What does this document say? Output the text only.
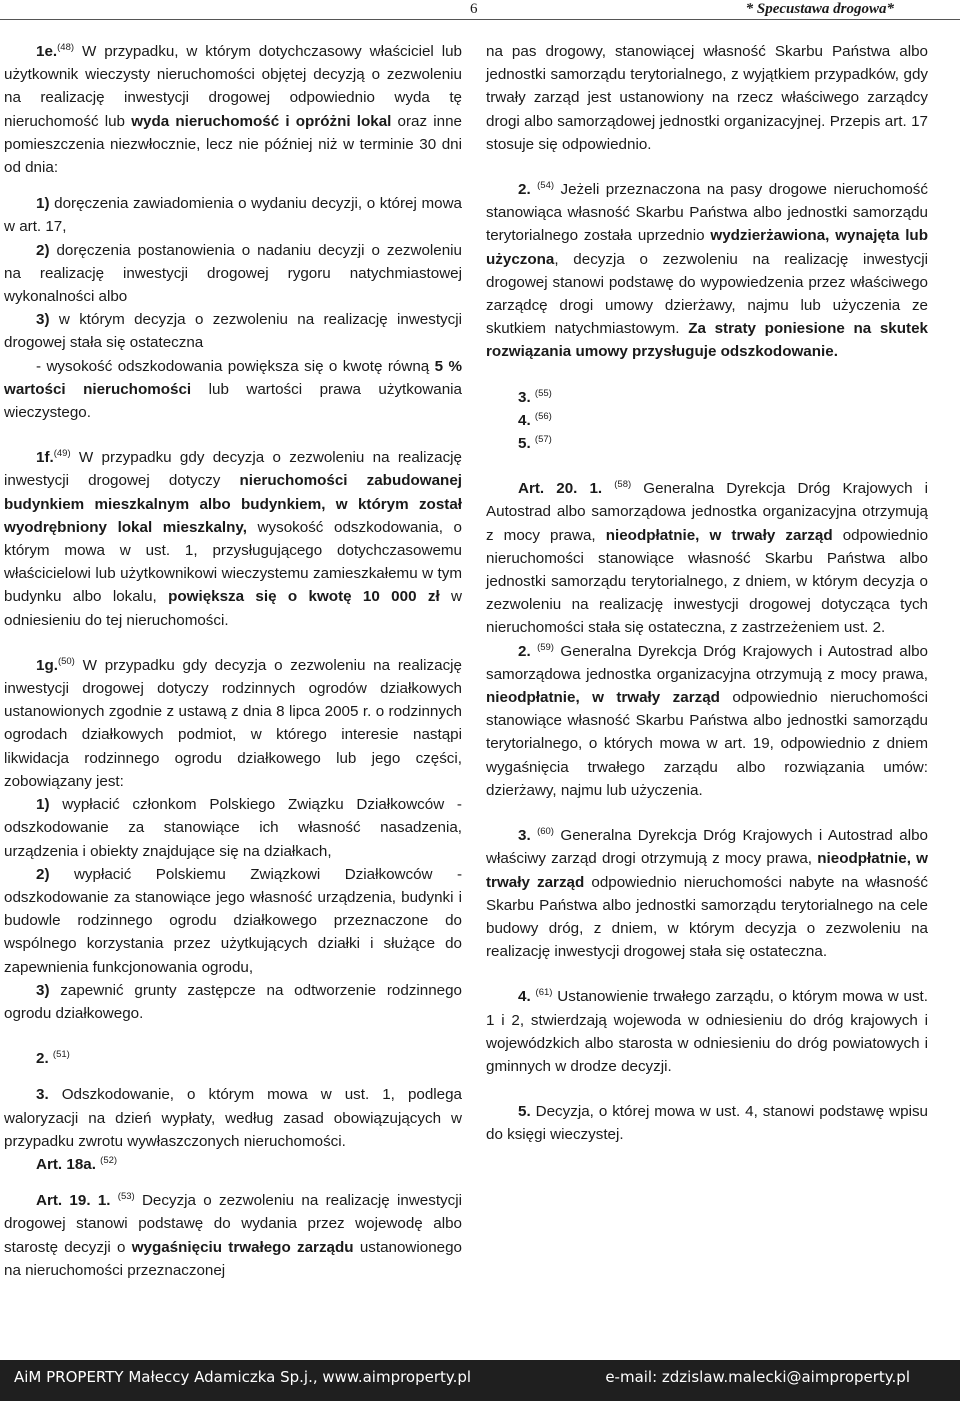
6	* Specustawa drogowa*

1e.$^{(48)}$ W przypadku, w którym dotychczasowy właściciel lub użytkownik wieczysty nieruchomości objętej decyzją o zezwoleniu na realizację inwestycji drogowej odpowiednio wyda tę nieruchomość lub wyda nieruchomość i opróżni lokal oraz inne pomieszczenia niezwłocznie, lecz nie później niż w terminie 30 dni od dnia:

1) doręczenia zawiadomienia o wydaniu decyzji, o której mowa w art. 17,

2) doręczenia postanowienia o nadaniu decyzji o zezwoleniu na realizację inwestycji drogowej rygoru natychmiastowej wykonalności albo

3) w którym decyzja o zezwoleniu na realizację inwestycji drogowej stała się ostateczna

- wysokość odszkodowania powiększa się o kwotę równą 5 % wartości nieruchomości lub wartości prawa użytkowania wieczystego.

1f.$^{(49)}$ W przypadku gdy decyzja o zezwoleniu na realizację inwestycji drogowej dotyczy nieruchomości zabudowanej budynkiem mieszkalnym albo budynkiem, w którym został wyodrębniony lokal mieszkalny, wysokość odszkodowania, o którym mowa w ust. 1, przysługującego dotychczasowemu właścicielowi lub użytkownikowi wieczystemu zamieszkałemu w tym budynku albo lokalu, powiększa się o kwotę 10 000 zł w odniesieniu do tej nieruchomości.

1g.$^{(50)}$ W przypadku gdy decyzja o zezwoleniu na realizację inwestycji drogowej dotyczy rodzinnych ogrodów działkowych ustanowionych zgodnie z ustawą z dnia 8 lipca 2005 r. o rodzinnych ogrodach działkowych podmiot, w którego interesie nastąpi likwidacja rodzinnego ogrodu działkowego lub jego części, zobowiązany jest:

1) wypłacić członkom Polskiego Związku Działkowców - odszkodowanie za stanowiące ich własność nasadzenia, urządzenia i obiekty znajdujące się na działkach,

2) wypłacić Polskiemu Związkowi Działkowców - odszkodowanie za stanowiące jego własność urządzenia, budynki i budowle rodzinnego ogrodu działkowego przeznaczone do wspólnego korzystania przez użytkujących działki i służące do zapewnienia funkcjonowania ogrodu,

3) zapewnić grunty zastępcze na odtworzenie rodzinnego ogrodu działkowego.

2. $^{(51)}$

3. Odszkodowanie, o którym mowa w ust. 1, podlega waloryzacji na dzień wypłaty, według zasad obowiązujących w przypadku zwrotu wywłaszczonych nieruchomości.

Art. 18a. $^{(52)}$

Art. 19. 1. $^{(53)}$ Decyzja o zezwoleniu na realizację inwestycji drogowej stanowi podstawę do wydania przez wojewodę albo starostę decyzji o wygaśnięciu trwałego zarządu ustanowionego na nieruchomości przeznaczonej

na pas drogowy, stanowiącej własność Skarbu Państwa albo jednostki samorządu terytorialnego, z wyjątkiem przypadków, gdy trwały zarząd jest ustanowiony na rzecz właściwego zarządcy drogi albo samorządowej jednostki organizacyjnej. Przepis art. 17 stosuje się odpowiednio.

2. $^{(54)}$ Jeżeli przeznaczona na pasy drogowe nieruchomość stanowiąca własność Skarbu Państwa albo jednostki samorządu terytorialnego została uprzednio wydzierżawiona, wynajęta lub użyczona, decyzja o zezwoleniu na realizację inwestycji drogowej stanowi podstawę do wypowiedzenia przez właściwego zarządcę drogi umowy dzierżawy, najmu lub użyczenia ze skutkiem natychmiastowym. Za straty poniesione na skutek rozwiązania umowy przysługuje odszkodowanie.

3. $^{(55)}$

4. $^{(56)}$

5. $^{(57)}$

Art. 20. 1. $^{(58)}$ Generalna Dyrekcja Dróg Krajowych i Autostrad albo samorządowa jednostka organizacyjna otrzymują z mocy prawa, nieodpłatnie, w trwały zarząd odpowiednio nieruchomości stanowiące własność Skarbu Państwa albo jednostki samorządu terytorialnego, z dniem, w którym decyzja o zezwoleniu na realizację inwestycji drogowej dotycząca tych nieruchomości stała się ostateczna, z zastrzeżeniem ust. 2.

2. $^{(59)}$ Generalna Dyrekcja Dróg Krajowych i Autostrad albo samorządowa jednostka organizacyjna otrzymują z mocy prawa, nieodpłatnie, w trwały zarząd odpowiednio nieruchomości stanowiące własność Skarbu Państwa albo jednostki samorządu terytorialnego, o których mowa w art. 19, odpowiednio z dniem wygaśnięcia trwałego zarządu albo rozwiązania umów: dzierżawy, najmu lub użyczenia.

3. $^{(60)}$ Generalna Dyrekcja Dróg Krajowych i Autostrad albo właściwy zarząd drogi otrzymują z mocy prawa, nieodpłatnie, w trwały zarząd odpowiednio nieruchomości nabyte na własność Skarbu Państwa albo jednostki samorządu terytorialnego na cele budowy dróg, z dniem, w którym decyzja o zezwoleniu na realizację inwestycji drogowej stała się ostateczna.

4. $^{(61)}$ Ustanowienie trwałego zarządu, o którym mowa w ust. 1 i 2, stwierdzają wojewoda w odniesieniu do dróg krajowych i wojewódzkich albo starosta w odniesieniu do dróg powiatowych i gminnych w drodze decyzji.

5. Decyzja, o której mowa w ust. 4, stanowi podstawę wpisu do księgi wieczystej.

AiM PROPERTY Małeccy Adamiczka Sp.j., www.aimproperty.pl	e-mail: zdzislaw.malecki@aimproperty.pl
